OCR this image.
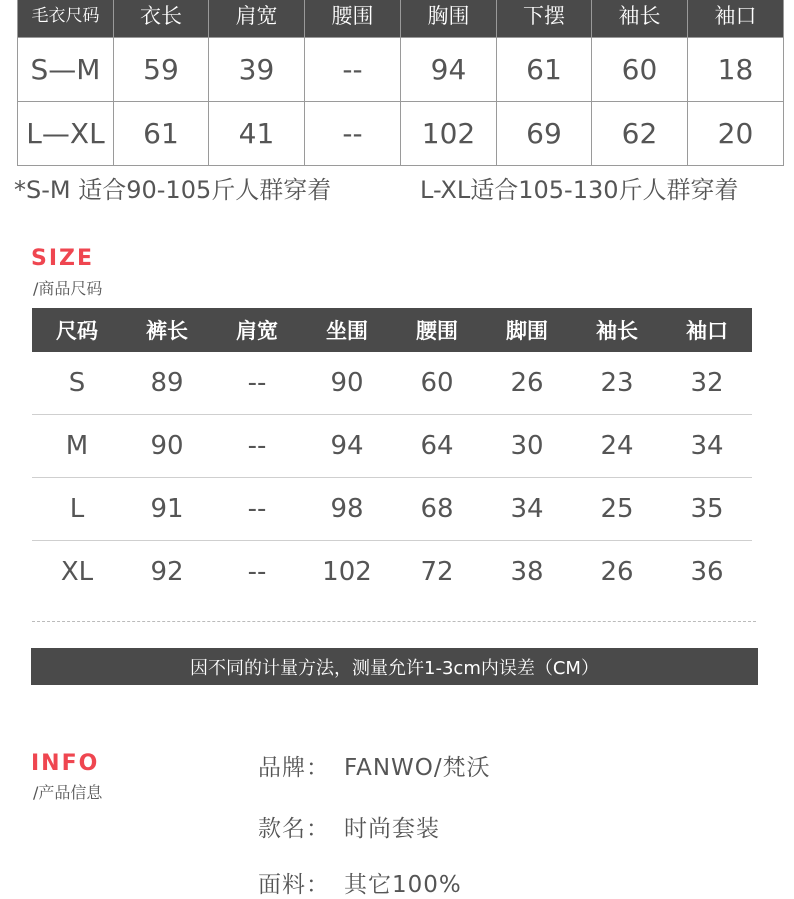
毛衣尺码	衣长	肩宽	腰围	胸围	下摆	袖长	袖口
S—M	59	39	--	94	61	60	18
L—XL	61	41	--	102	69	62	20
*S-M 适合90-105斤人群穿着	L-XL适合105-130斤人群穿着
SIZE
/商品尺码
尺码	裤长	肩宽	坐围	腰围	脚围	袖长	袖口
S	89	--	90	60	26	23	32
M	90	--	94	64	30	24	34
L	91	--	98	68	34	25	35
XL	92	--	102	72	38	26	36
因不同的计量方法，测量允许1-3cm内误差（CM）
INFO
/产品信息
品牌： FANWO/梵沃
款名： 时尚套装
面料： 其它100%
